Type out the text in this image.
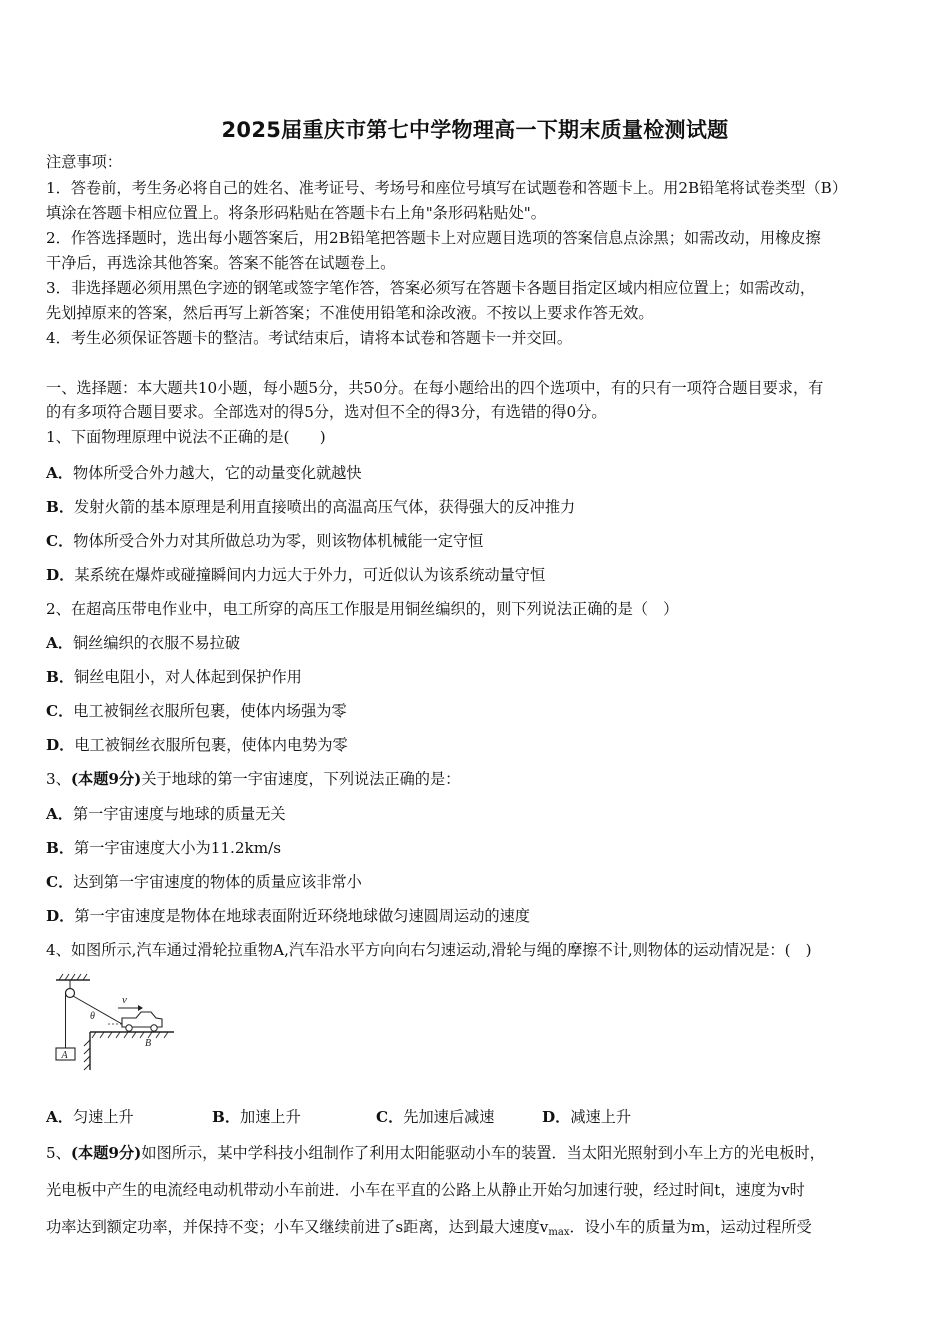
2025届重庆市第七中学物理高一下期末质量检测试题
注意事项：
1．答卷前，考生务必将自己的姓名、准考证号、考场号和座位号填写在试题卷和答题卡上。用2B铅笔将试卷类型（B）
填涂在答题卡相应位置上。将条形码粘贴在答题卡右上角"条形码粘贴处"。
2．作答选择题时，选出每小题答案后，用2B铅笔把答题卡上对应题目选项的答案信息点涂黑；如需改动，用橡皮擦
干净后，再选涂其他答案。答案不能答在试题卷上。
3．非选择题必须用黑色字迹的钢笔或签字笔作答，答案必须写在答题卡各题目指定区域内相应位置上；如需改动，
先划掉原来的答案，然后再写上新答案；不准使用铅笔和涂改液。不按以上要求作答无效。
4．考生必须保证答题卡的整洁。考试结束后，请将本试卷和答题卡一并交回。
一、选择题：本大题共10小题，每小题5分，共50分。在每小题给出的四个选项中，有的只有一项符合题目要求，有
的有多项符合题目要求。全部选对的得5分，选对但不全的得3分，有选错的得0分。
1、下面物理原理中说法不正确的是(　　)
A．物体所受合外力越大，它的动量变化就越快
B．发射火箭的基本原理是利用直接喷出的高温高压气体，获得强大的反冲推力
C．物体所受合外力对其所做总功为零，则该物体机械能一定守恒
D．某系统在爆炸或碰撞瞬间内力远大于外力，可近似认为该系统动量守恒
2、在超高压带电作业中，电工所穿的高压工作服是用铜丝编织的，则下列说法正确的是（　）
A．铜丝编织的衣服不易拉破
B．铜丝电阻小，对人体起到保护作用
C．电工被铜丝衣服所包裹，使体内场强为零
D．电工被铜丝衣服所包裹，使体内电势为零
3、(本题9分)关于地球的第一宇宙速度，下列说法正确的是：
A．第一宇宙速度与地球的质量无关
B．第一宇宙速度大小为11.2km/s
C．达到第一宇宙速度的物体的质量应该非常小
D．第一宇宙速度是物体在地球表面附近环绕地球做匀速圆周运动的速度
4、如图所示,汽车通过滑轮拉重物A,汽车沿水平方向向右匀速运动,滑轮与绳的摩擦不计,则物体的运动情况是：(　)
A
θ
v
B
A．匀速上升	B．加速上升	C．先加速后减速	D．减速上升
5、(本题9分)如图所示，某中学科技小组制作了利用太阳能驱动小车的装置．当太阳光照射到小车上方的光电板时，
光电板中产生的电流经电动机带动小车前进．小车在平直的公路上从静止开始匀加速行驶，经过时间t，速度为v时
功率达到额定功率，并保持不变；小车又继续前进了s距离，达到最大速度$v_{max}$．设小车的质量为m，运动过程所受
